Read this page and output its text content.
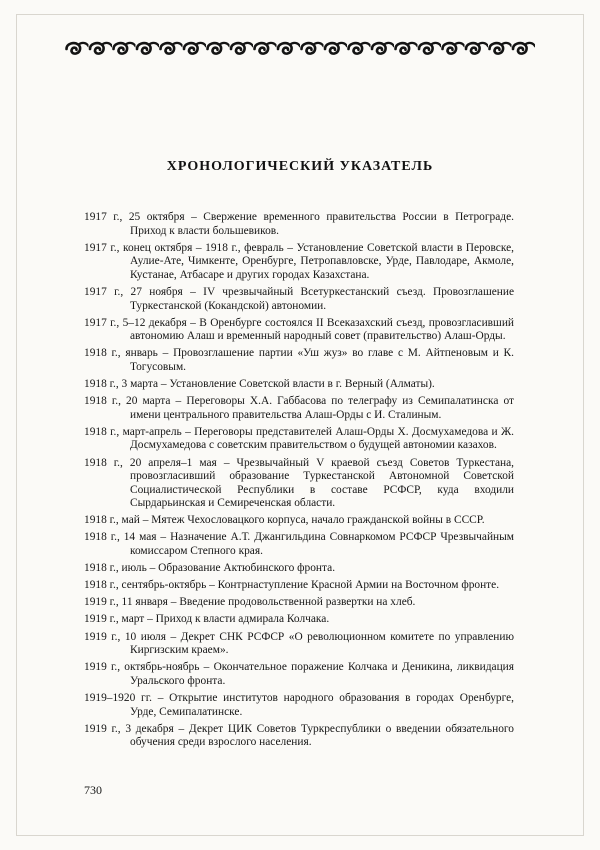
ХРОНОЛОГИЧЕСКИЙ УКАЗАТЕЛЬ

1917 г., 25 октября – Свержение временного правительства России в Петрограде. Приход к власти большевиков.

1917 г., конец октября – 1918 г., февраль – Установление Советской власти в Перовске, Аулие-Ате, Чимкенте, Оренбурге, Петропавловске, Урде, Павлодаре, Акмоле, Кустанае, Атбасаре и других городах Казахстана.

1917 г., 27 ноября – IV чрезвычайный Всетуркестанский съезд. Провозглашение Туркестанской (Кокандской) автономии.

1917 г., 5–12 декабря – В Оренбурге состоялся II Всеказахский съезд, провозгласивший автономию Алаш и временный народный совет (правительство) Алаш-Орды.

1918 г., январь – Провозглашение партии «Уш жуз» во главе с М. Айтпеновым и К. Тогусовым.

1918 г., 3 марта – Установление Советской власти в г. Верный (Алматы).

1918 г., 20 марта – Переговоры Х.А. Габбасова по телеграфу из Семипалатинска от имени центрального правительства Алаш-Орды с И. Сталиным.

1918 г., март-апрель – Переговоры представителей Алаш-Орды Х. Досмухамедова и Ж. Досмухамедова с советским правительством о будущей автономии казахов.

1918 г., 20 апреля–1 мая – Чрезвычайный V краевой съезд Советов Туркестана, провозгласивший образование Туркестанской Автономной Советской Социалистической Республики в составе РСФСР, куда входили Сырдарьинская и Семиреченская области.

1918 г., май – Мятеж Чехословацкого корпуса, начало гражданской войны в СССР.

1918 г., 14 мая – Назначение А.Т. Джангильдина Совнаркомом РСФСР Чрезвычайным комиссаром Степного края.

1918 г., июль – Образование Актюбинского фронта.

1918 г., сентябрь-октябрь – Контрнаступление Красной Армии на Восточном фронте.

1919 г., 11 января – Введение продовольственной развертки на хлеб.

1919 г., март – Приход к власти адмирала Колчака.

1919 г., 10 июля – Декрет СНК РСФСР «О революционном комитете по управлению Киргизским краем».

1919 г., октябрь-ноябрь – Окончательное поражение Колчака и Деникина, ликвидация Уральского фронта.

1919–1920 гг. – Открытие институтов народного образования в городах Оренбурге, Урде, Семипалатинске.

1919 г., 3 декабря – Декрет ЦИК Советов Туркреспублики о введении обязательного обучения среди взрослого населения.

730
